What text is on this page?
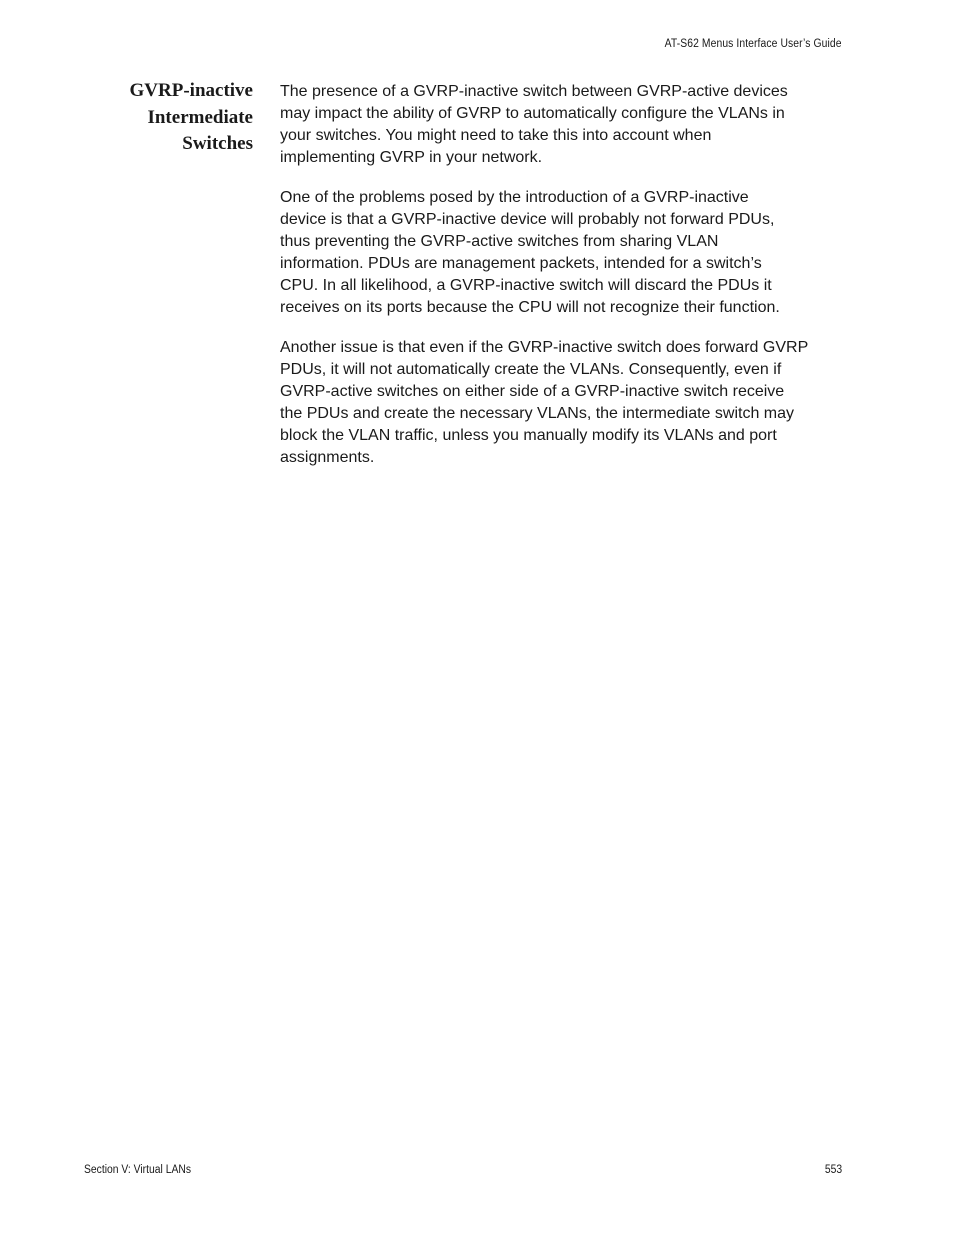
AT-S62 Menus Interface User’s Guide
GVRP-inactive
Intermediate
Switches

The presence of a GVRP-inactive switch between GVRP-active devices
may impact the ability of GVRP to automatically configure the VLANs in
your switches. You might need to take this into account when
implementing GVRP in your network.

One of the problems posed by the introduction of a GVRP-inactive
device is that a GVRP-inactive device will probably not forward PDUs,
thus preventing the GVRP-active switches from sharing VLAN
information. PDUs are management packets, intended for a switch’s
CPU. In all likelihood, a GVRP-inactive switch will discard the PDUs it
receives on its ports because the CPU will not recognize their function.

Another issue is that even if the GVRP-inactive switch does forward GVRP
PDUs, it will not automatically create the VLANs. Consequently, even if
GVRP-active switches on either side of a GVRP-inactive switch receive
the PDUs and create the necessary VLANs, the intermediate switch may
block the VLAN traffic, unless you manually modify its VLANs and port
assignments.

Section V: Virtual LANs	553
